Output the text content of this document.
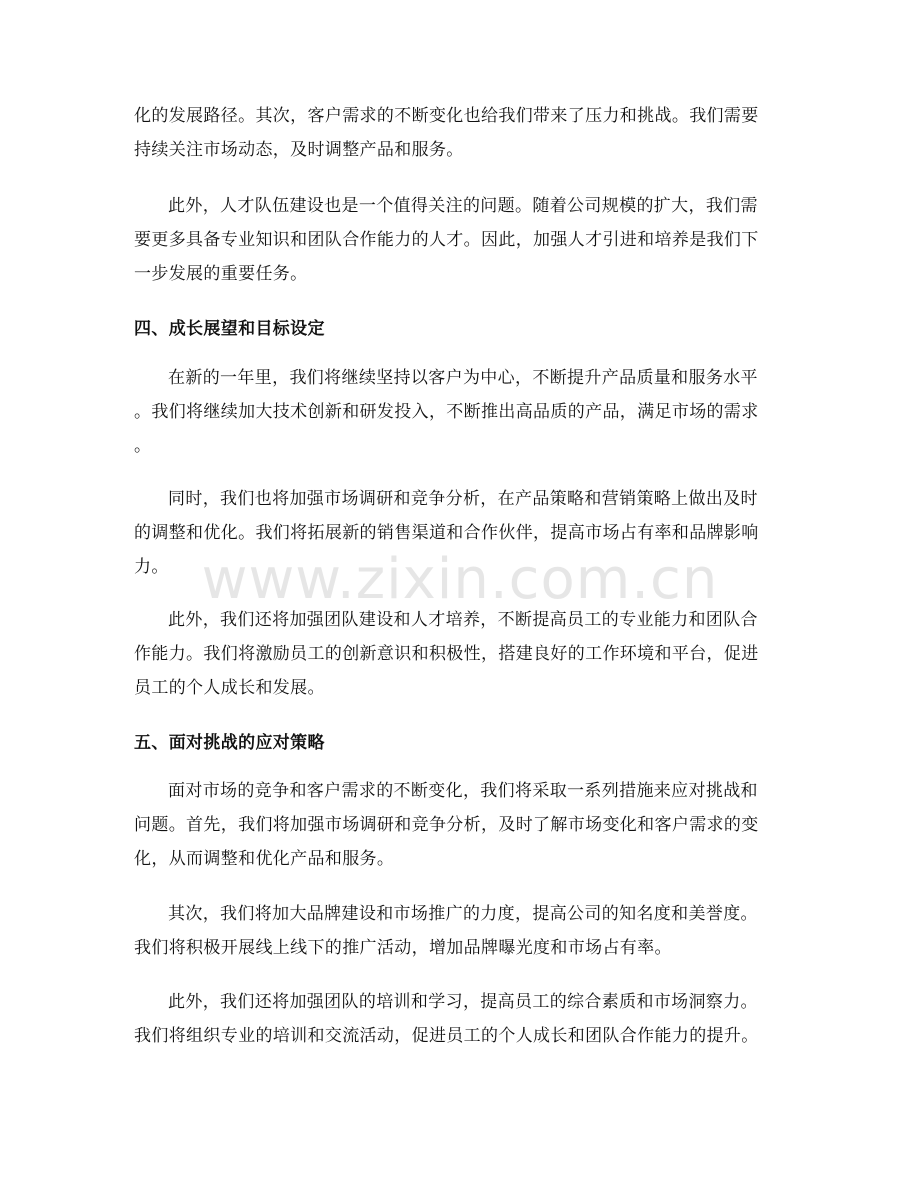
化的发展路径。其次，客户需求的不断变化也给我们带来了压力和挑战。我们需要
持续关注市场动态，及时调整产品和服务。

此外，人才队伍建设也是一个值得关注的问题。随着公司规模的扩大，我们需
要更多具备专业知识和团队合作能力的人才。因此，加强人才引进和培养是我们下
一步发展的重要任务。

四、成长展望和目标设定

在新的一年里，我们将继续坚持以客户为中心，不断提升产品质量和服务水平
。我们将继续加大技术创新和研发投入，不断推出高品质的产品，满足市场的需求
。

同时，我们也将加强市场调研和竞争分析，在产品策略和营销策略上做出及时
的调整和优化。我们将拓展新的销售渠道和合作伙伴，提高市场占有率和品牌影响
力。

此外，我们还将加强团队建设和人才培养，不断提高员工的专业能力和团队合
作能力。我们将激励员工的创新意识和积极性，搭建良好的工作环境和平台，促进
员工的个人成长和发展。

五、面对挑战的应对策略

面对市场的竞争和客户需求的不断变化，我们将采取一系列措施来应对挑战和
问题。首先，我们将加强市场调研和竞争分析，及时了解市场变化和客户需求的变
化，从而调整和优化产品和服务。

其次，我们将加大品牌建设和市场推广的力度，提高公司的知名度和美誉度。
我们将积极开展线上线下的推广活动，增加品牌曝光度和市场占有率。

此外，我们还将加强团队的培训和学习，提高员工的综合素质和市场洞察力。
我们将组织专业的培训和交流活动，促进员工的个人成长和团队合作能力的提升。

www.zixin.com.cn
